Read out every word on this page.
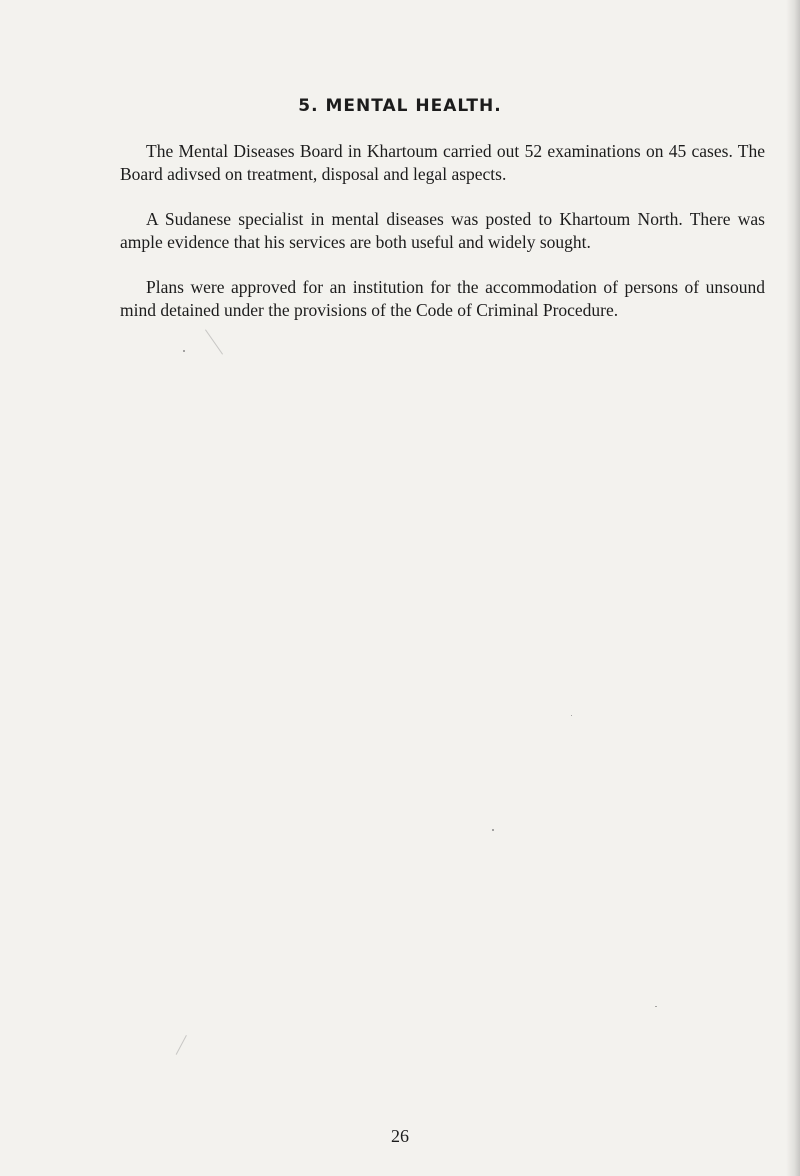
5. MENTAL HEALTH.

The Mental Diseases Board in Khartoum carried out 52 examinations on 45 cases. The Board adivsed on treatment, disposal and legal aspects.

A Sudanese specialist in mental diseases was posted to Khartoum North. There was ample evidence that his services are both useful and widely sought.

Plans were approved for an institution for the accommodation of persons of unsound mind detained under the provisions of the Code of Criminal Procedure.

26
